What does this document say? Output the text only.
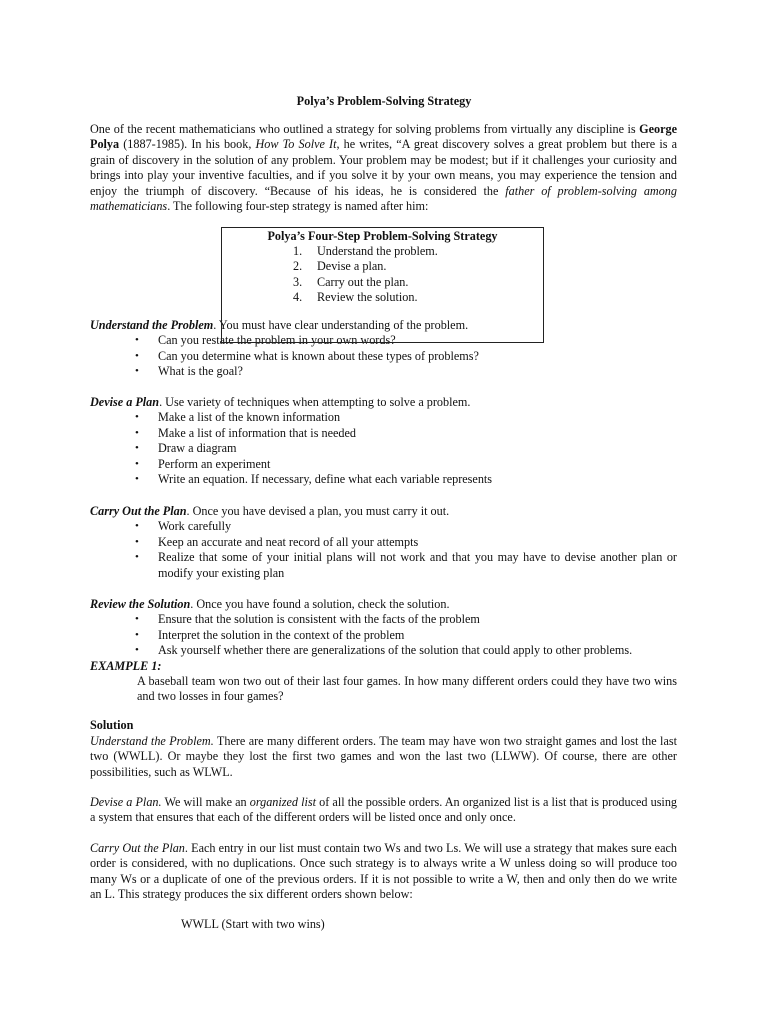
Polya’s Problem-Solving Strategy
One of the recent mathematicians who outlined a strategy for solving problems from virtually any discipline is George Polya (1887-1985). In his book, How To Solve It, he writes, “A great discovery solves a great problem but there is a grain of discovery in the solution of any problem. Your problem may be modest; but if it challenges your curiosity and brings into play your inventive faculties, and if you solve it by your own means, you may experience the tension and enjoy the triumph of discovery. “Because of his ideas, he is considered the father of problem-solving among mathematicians. The following four-step strategy is named after him:
Understand the Problem. You must have clear understanding of the problem.
• Can you restate the problem in your own words?
• Can you determine what is known about these types of problems?
• What is the goal?
Polya’s Four-Step Problem-Solving Strategy
1. Understand the problem.
2. Devise a plan.
3. Carry out the plan.
4. Review the solution.
Devise a Plan. Use variety of techniques when attempting to solve a problem.
• Make a list of the known information
• Make a list of information that is needed
• Draw a diagram
• Perform an experiment
• Write an equation. If necessary, define what each variable represents
Carry Out the Plan. Once you have devised a plan, you must carry it out.
• Work carefully
• Keep an accurate and neat record of all your attempts
• Realize that some of your initial plans will not work and that you may have to devise another plan or modify your existing plan
Review the Solution. Once you have found a solution, check the solution.
• Ensure that the solution is consistent with the facts of the problem
• Interpret the solution in the context of the problem
• Ask yourself whether there are generalizations of the solution that could apply to other problems.
EXAMPLE 1:
A baseball team won two out of their last four games. In how many different orders could they have two wins and two losses in four games?
Solution
Understand the Problem. There are many different orders. The team may have won two straight games and lost the last two (WWLL). Or maybe they lost the first two games and won the last two (LLWW). Of course, there are other possibilities, such as WLWL.
Devise a Plan. We will make an organized list of all the possible orders. An organized list is a list that is produced using a system that ensures that each of the different orders will be listed once and only once.
Carry Out the Plan. Each entry in our list must contain two Ws and two Ls. We will use a strategy that makes sure each order is considered, with no duplications. Once such strategy is to always write a W unless doing so will produce too many Ws or a duplicate of one of the previous orders. If it is not possible to write a W, then and only then do we write an L. This strategy produces the six different orders shown below:
WWLL (Start with two wins)
